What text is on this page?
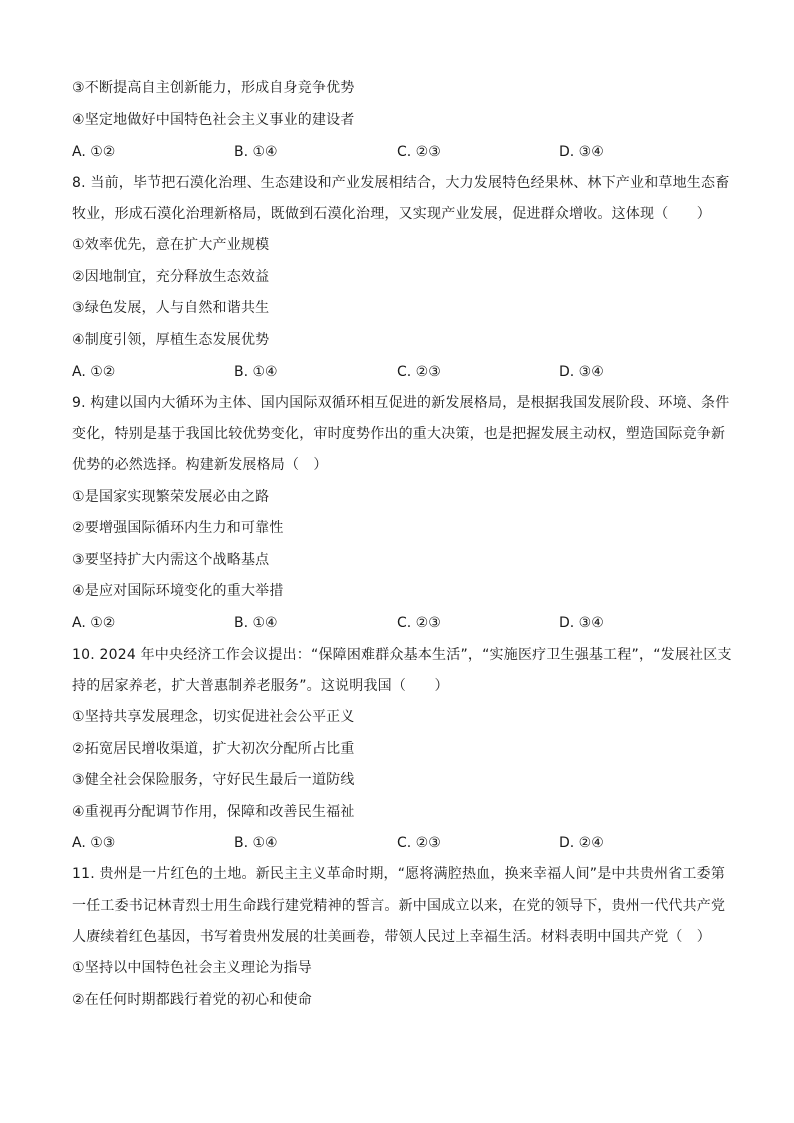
③不断提高自主创新能力，形成自身竞争优势
④坚定地做好中国特色社会主义事业的建设者
A. ①②	B. ①④	C. ②③	D. ③④
8. 当前，毕节把石漠化治理、生态建设和产业发展相结合，大力发展特色经果林、林下产业和草地生态畜
牧业，形成石漠化治理新格局，既做到石漠化治理，又实现产业发展，促进群众增收。这体现（　　）
①效率优先，意在扩大产业规模
②因地制宜，充分释放生态效益
③绿色发展，人与自然和谐共生
④制度引领，厚植生态发展优势
A. ①②	B. ①④	C. ②③	D. ③④
9. 构建以国内大循环为主体、国内国际双循环相互促进的新发展格局，是根据我国发展阶段、环境、条件
变化，特别是基于我国比较优势变化，审时度势作出的重大决策，也是把握发展主动权，塑造国际竞争新
优势的必然选择。构建新发展格局（　）
①是国家实现繁荣发展必由之路
②要增强国际循环内生力和可靠性
③要坚持扩大内需这个战略基点
④是应对国际环境变化的重大举措
A. ①②	B. ①④	C. ②③	D. ③④
10. 2024 年中央经济工作会议提出：“保障困难群众基本生活”，“实施医疗卫生强基工程”，“发展社区支
持的居家养老，扩大普惠制养老服务”。这说明我国（　　）
①坚持共享发展理念，切实促进社会公平正义
②拓宽居民增收渠道，扩大初次分配所占比重
③健全社会保险服务，守好民生最后一道防线
④重视再分配调节作用，保障和改善民生福祉
A. ①③	B. ①④	C. ②③	D. ②④
11. 贵州是一片红色的土地。新民主主义革命时期，“愿将满腔热血，换来幸福人间”是中共贵州省工委第
一任工委书记林青烈士用生命践行建党精神的誓言。新中国成立以来，在党的领导下，贵州一代代共产党
人赓续着红色基因，书写着贵州发展的壮美画卷，带领人民过上幸福生活。材料表明中国共产党（　）
①坚持以中国特色社会主义理论为指导
②在任何时期都践行着党的初心和使命
